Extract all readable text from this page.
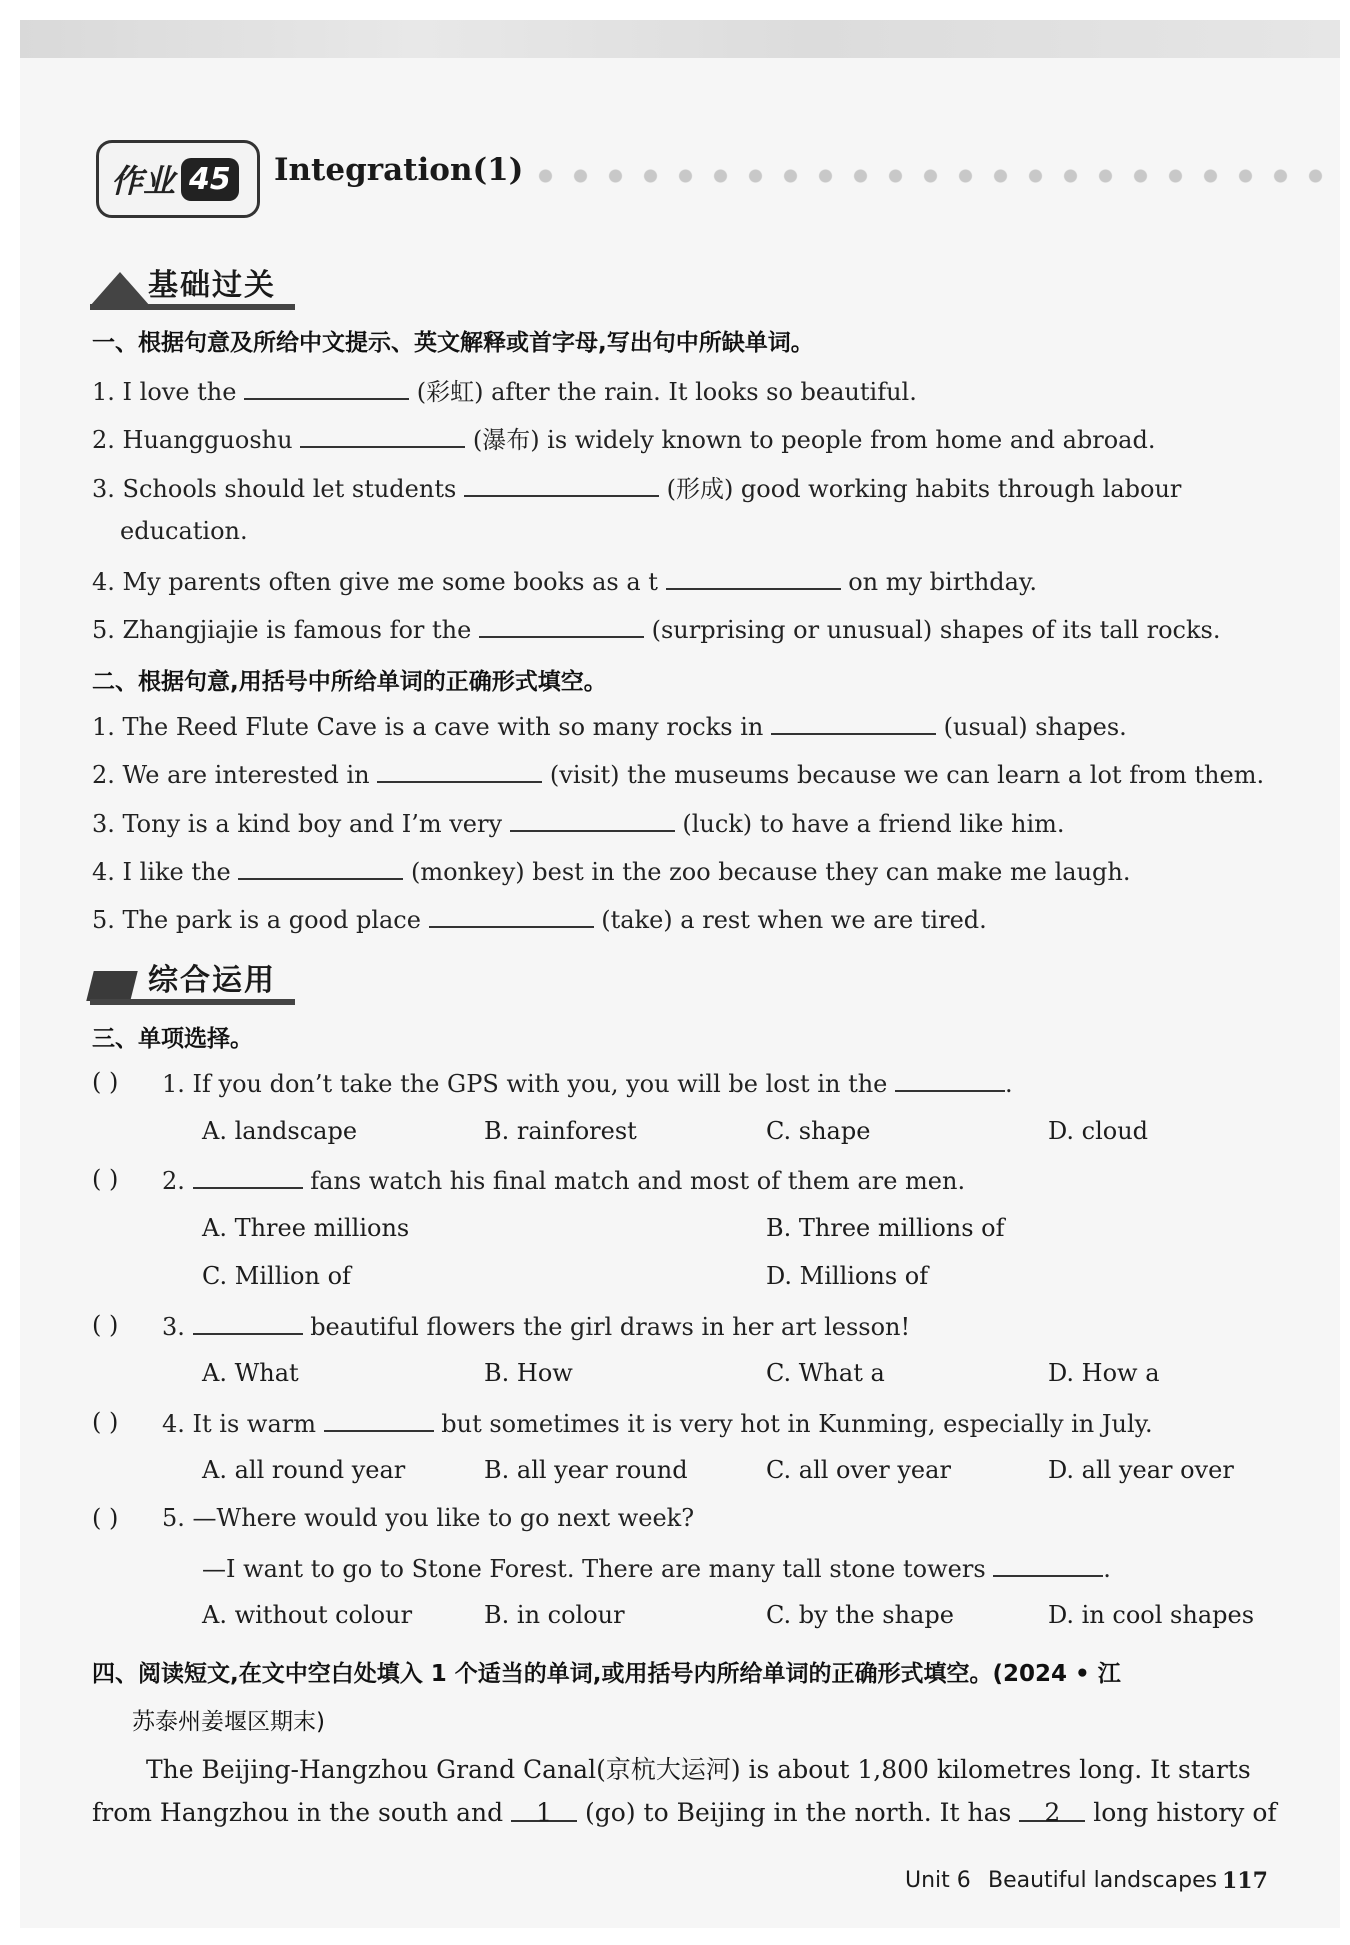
作业 45 Integration(1)
基础过关
一、根据句意及所给中文提示、英文解释或首字母,写出句中所缺单词。
1. I love the	(彩虹) after the rain. It looks so beautiful.
2. Huangguoshu	(瀑布) is widely known to people from home and abroad.
3. Schools should let students	(形成) good working habits through labour
education.
4. My parents often give me some books as a t	on my birthday.
5. Zhangjiajie is famous for the	(surprising or unusual) shapes of its tall rocks.
二、根据句意,用括号中所给单词的正确形式填空。
1. The Reed Flute Cave is a cave with so many rocks in	(usual) shapes.
2. We are interested in	(visit) the museums because we can learn a lot from them.
3. Tony is a kind boy and I’m very	(luck) to have a friend like him.
4. I like the	(monkey) best in the zoo because they can make me laugh.
5. The park is a good place	(take) a rest when we are tired.
综合运用
三、单项选择。
( ) 1. If you don’t take the GPS with you, you will be lost in the	.
A. landscape	B. rainforest	C. shape	D. cloud
( ) 2.	fans watch his final match and most of them are men.
A. Three millions	B. Three millions of
C. Million of	D. Millions of
( ) 3.	beautiful flowers the girl draws in her art lesson!
A. What	B. How	C. What a	D. How a
( ) 4. It is warm	but sometimes it is very hot in Kunming, especially in July.
A. all round year	B. all year round	C. all over year	D. all year over
( ) 5. —Where would you like to go next week?
—I want to go to Stone Forest. There are many tall stone towers	.
A. without colour	B. in colour	C. by the shape	D. in cool shapes
四、阅读短文,在文中空白处填入 1 个适当的单词,或用括号内所给单词的正确形式填空。(2024 • 江
苏泰州姜堰区期末)
The Beijing-Hangzhou Grand Canal(京杭大运河) is about 1,800 kilometres long. It starts
from Hangzhou in the south and 1 (go) to Beijing in the north. It has 2 long history of
Unit 6 Beautiful landscapes 117
